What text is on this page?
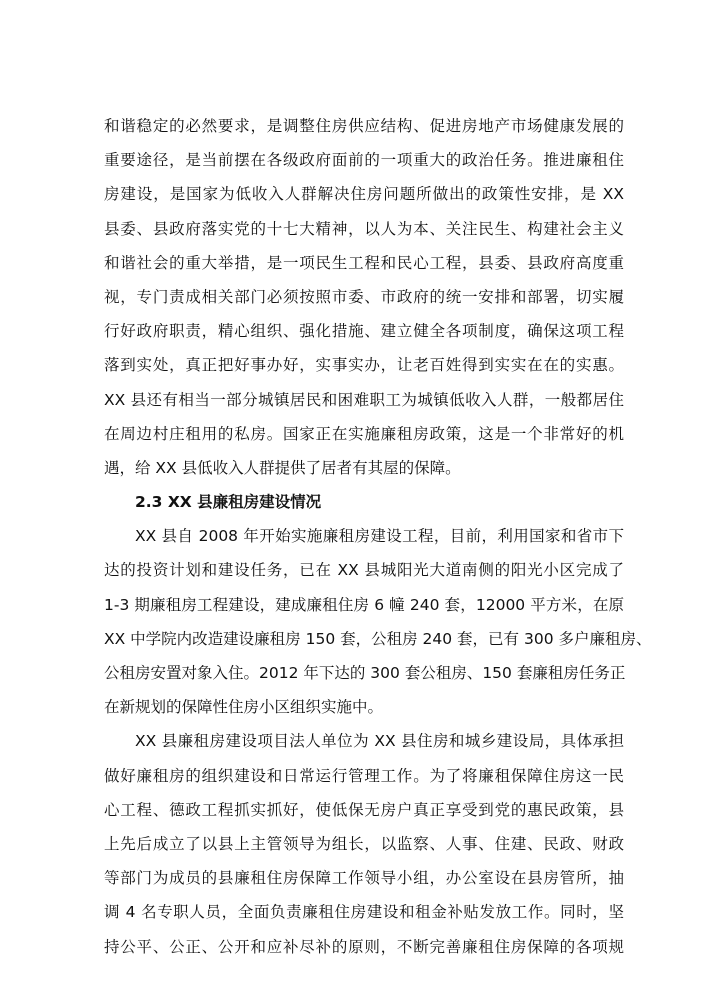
和谐稳定的必然要求，是调整住房供应结构、促进房地产市场健康发展的
重要途径，是当前摆在各级政府面前的一项重大的政治任务。推进廉租住
房建设，是国家为低收入人群解决住房问题所做出的政策性安排，是 XX
县委、县政府落实党的十七大精神，以人为本、关注民生、构建社会主义
和谐社会的重大举措，是一项民生工程和民心工程，县委、县政府高度重
视，专门责成相关部门必须按照市委、市政府的统一安排和部署，切实履
行好政府职责，精心组织、强化措施、建立健全各项制度，确保这项工程
落到实处，真正把好事办好，实事实办，让老百姓得到实实在在的实惠。
XX 县还有相当一部分城镇居民和困难职工为城镇低收入人群，一般都居住
在周边村庄租用的私房。国家正在实施廉租房政策，这是一个非常好的机
遇，给 XX 县低收入人群提供了居者有其屋的保障。
2.3 XX 县廉租房建设情况
XX 县自 2008 年开始实施廉租房建设工程，目前，利用国家和省市下
达的投资计划和建设任务，已在 XX 县城阳光大道南侧的阳光小区完成了
1-3 期廉租房工程建设，建成廉租住房 6 幢 240 套，12000 平方米，在原
XX 中学院内改造建设廉租房 150 套，公租房 240 套，已有 300 多户廉租房、
公租房安置对象入住。2012 年下达的 300 套公租房、150 套廉租房任务正
在新规划的保障性住房小区组织实施中。
XX 县廉租房建设项目法人单位为 XX 县住房和城乡建设局，具体承担
做好廉租房的组织建设和日常运行管理工作。为了将廉租保障住房这一民
心工程、德政工程抓实抓好，使低保无房户真正享受到党的惠民政策，县
上先后成立了以县上主管领导为组长，以监察、人事、住建、民政、财政
等部门为成员的县廉租住房保障工作领导小组，办公室设在县房管所，抽
调 4 名专职人员，全面负责廉租住房建设和租金补贴发放工作。同时，坚
持公平、公正、公开和应补尽补的原则，不断完善廉租住房保障的各项规
